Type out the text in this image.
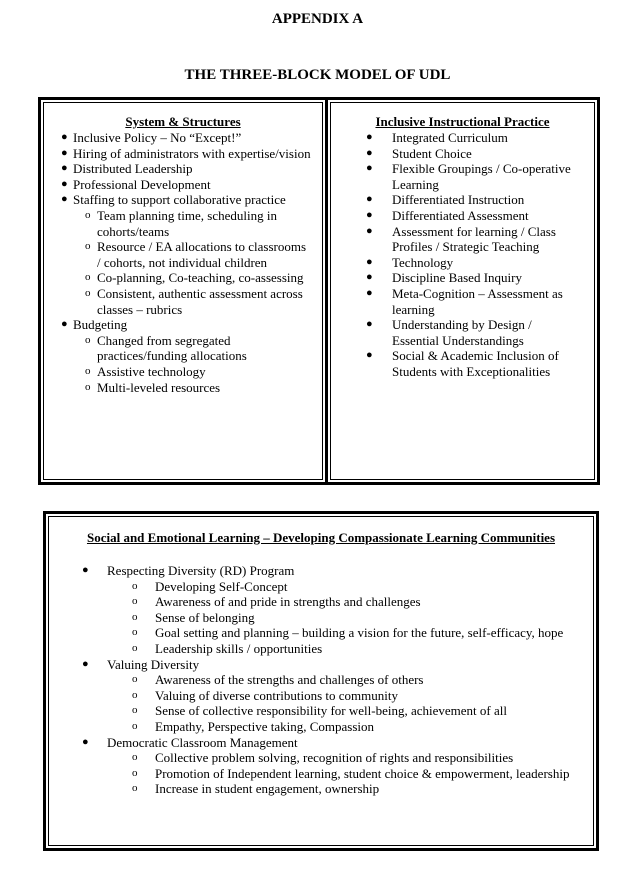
APPENDIX A
THE THREE-BLOCK MODEL OF UDL
System & Structures
● Inclusive Policy – No “Except!”
● Hiring of administrators with expertise/vision
● Distributed Leadership
● Professional Development
● Staffing to support collaborative practice
o Team planning time, scheduling in cohorts/teams
o Resource / EA allocations to classrooms / cohorts, not individual children
o Co-planning, Co-teaching, co-assessing
o Consistent, authentic assessment across classes – rubrics
● Budgeting
o Changed from segregated practices/funding allocations
o Assistive technology
o Multi-leveled resources
Inclusive Instructional Practice
● Integrated Curriculum
● Student Choice
● Flexible Groupings / Co-operative Learning
● Differentiated Instruction
● Differentiated Assessment
● Assessment for learning / Class Profiles / Strategic Teaching
● Technology
● Discipline Based Inquiry
● Meta-Cognition – Assessment as learning
● Understanding by Design / Essential Understandings
● Social & Academic Inclusion of Students with Exceptionalities
Social and Emotional Learning – Developing Compassionate Learning Communities
● Respecting Diversity (RD) Program
o Developing Self-Concept
o Awareness of and pride in strengths and challenges
o Sense of belonging
o Goal setting and planning – building a vision for the future, self-efficacy, hope
o Leadership skills / opportunities
● Valuing Diversity
o Awareness of the strengths and challenges of others
o Valuing of diverse contributions to community
o Sense of collective responsibility for well-being, achievement of all
o Empathy, Perspective taking, Compassion
● Democratic Classroom Management
o Collective problem solving, recognition of rights and responsibilities
o Promotion of Independent learning, student choice & empowerment, leadership
o Increase in student engagement, ownership
